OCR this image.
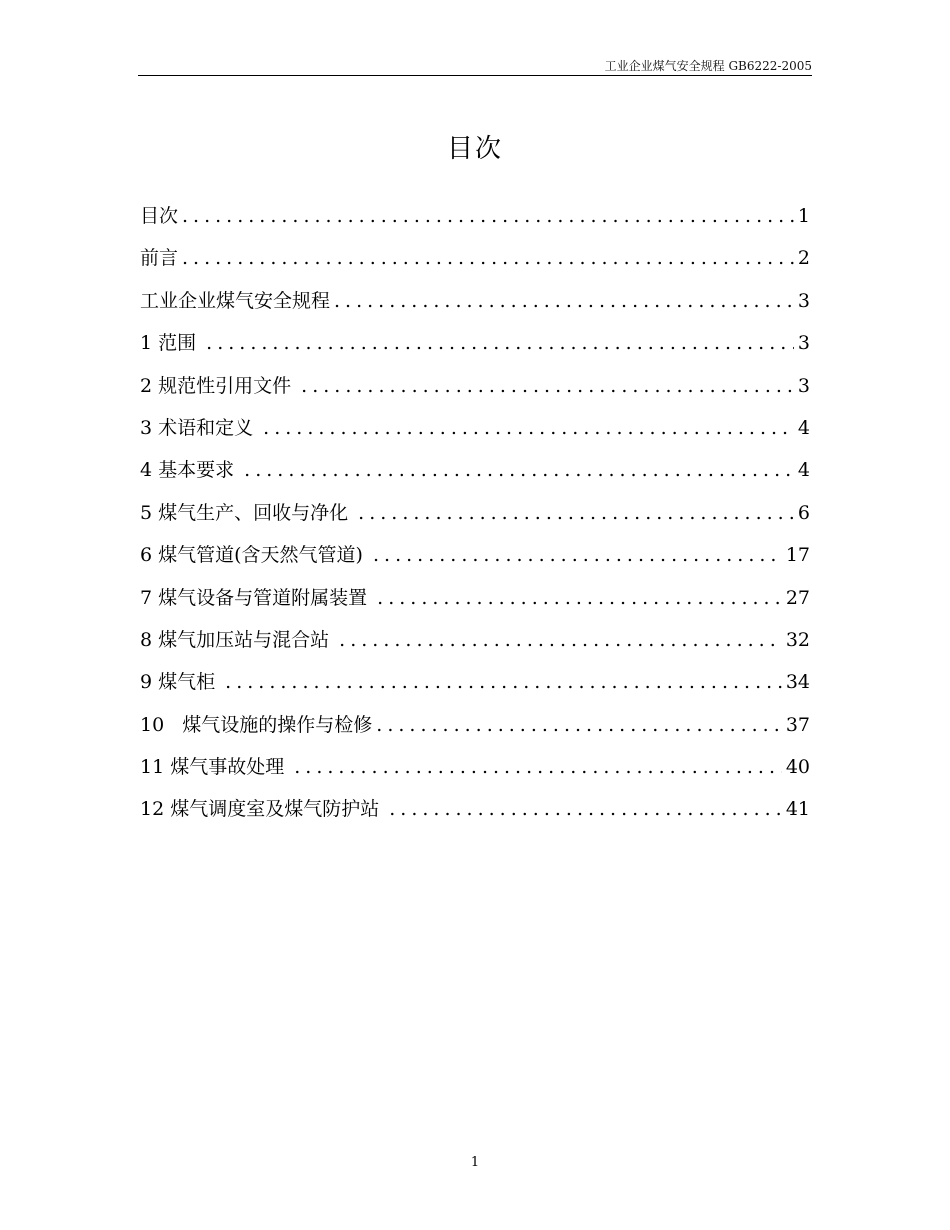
工业企业煤气安全规程 GB6222-2005
目次
目次 .....	1
前言 .....	2
工业企业煤气安全规程 .....	3
1 范围 .....	3
2 规范性引用文件 .....	3
3 术语和定义 .....	4
4 基本要求 .....	4
5 煤气生产、回收与净化 .....	6
6 煤气管道(含天然气管道) .....	17
7 煤气设备与管道附属装置 .....	27
8 煤气加压站与混合站 .....	32
9 煤气柜 .....	34
10   煤气设施的操作与检修 .....	37
11 煤气事故处理 .....	40
12 煤气调度室及煤气防护站 .....	41
1
